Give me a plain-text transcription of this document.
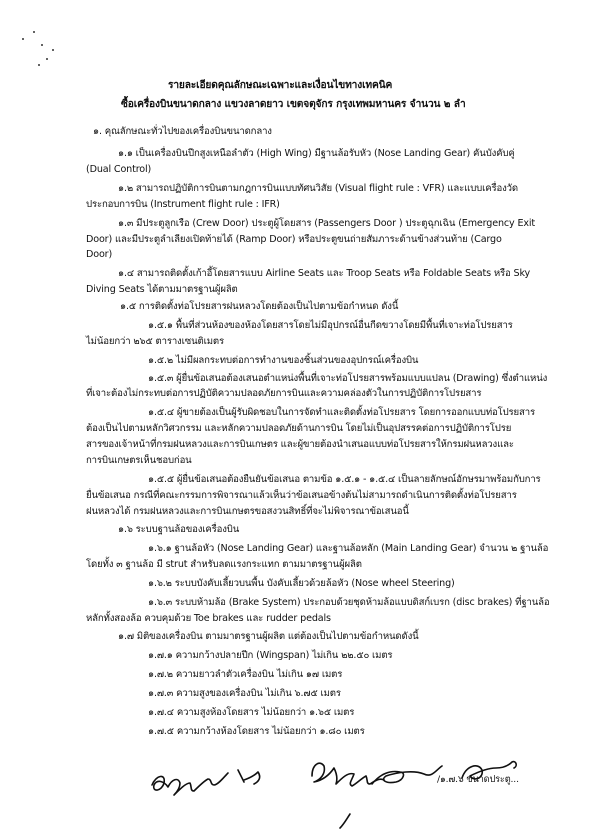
รายละเอียดคุณลักษณะเฉพาะและเงื่อนไขทางเทคนิค
ซื้อเครื่องบินขนาดกลาง แขวงลาดยาว เขตจตุจักร กรุงเทพมหานคร จำนวน ๒ ลำ
๑. คุณลักษณะทั่วไปของเครื่องบินขนาดกลาง
๑.๑ เป็นเครื่องบินปีกสูงเหนือลำตัว (High Wing) มีฐานล้อรับหัว (Nose Landing Gear) คันบังคับคู่
(Dual Control)
๑.๒ สามารถปฏิบัติการบินตามกฎการบินแบบทัศนวิสัย (Visual flight rule : VFR) และแบบเครื่องวัด
ประกอบการบิน (Instrument flight rule : IFR)
๑.๓ มีประตูลูกเรือ (Crew Door) ประตูผู้โดยสาร (Passengers Door ) ประตูฉุกเฉิน (Emergency Exit
Door) และมีประตูลำเลียงเปิดท้ายได้ (Ramp Door) หรือประตูขนถ่ายสัมภาระด้านข้างส่วนท้าย (Cargo
Door)
๑.๔ สามารถติดตั้งเก้าอี้โดยสารแบบ Airline Seats และ Troop Seats หรือ Foldable Seats หรือ Sky
Diving Seats ได้ตามมาตรฐานผู้ผลิต
๑.๕ การติดตั้งท่อโปรยสารฝนหลวงโดยต้องเป็นไปตามข้อกำหนด ดังนี้
๑.๕.๑ พื้นที่ส่วนห้องของห้องโดยสารโดยไม่มีอุปกรณ์อื่นกีดขวางโดยมีพื้นที่เจาะท่อโปรยสาร
ไม่น้อยกว่า ๒๖๕ ตารางเซนติเมตร
๑.๕.๒ ไม่มีผลกระทบต่อการทำงานของชิ้นส่วนของอุปกรณ์เครื่องบิน
๑.๕.๓ ผู้ยื่นข้อเสนอต้องเสนอตำแหน่งพื้นที่เจาะท่อโปรยสารพร้อมแบบแปลน (Drawing) ซึ่งตำแหน่ง
ที่เจาะต้องไม่กระทบต่อการปฏิบัติความปลอดภัยการบินและความคล่องตัวในการปฏิบัติการโปรยสาร
๑.๕.๔ ผู้ขายต้องเป็นผู้รับผิดชอบในการจัดทำและติดตั้งท่อโปรยสาร โดยการออกแบบท่อโปรยสาร
ต้องเป็นไปตามหลักวิศวกรรม และหลักความปลอดภัยด้านการบิน โดยไม่เป็นอุปสรรคต่อการปฏิบัติการโปรย
สารของเจ้าหน้าที่กรมฝนหลวงและการบินเกษตร และผู้ขายต้องนำเสนอแบบท่อโปรยสารให้กรมฝนหลวงและ
การบินเกษตรเห็นชอบก่อน
๑.๕.๕ ผู้ยื่นข้อเสนอต้องยืนยันข้อเสนอ ตามข้อ ๑.๕.๑ - ๑.๕.๔ เป็นลายลักษณ์อักษรมาพร้อมกับการ
ยื่นข้อเสนอ กรณีที่คณะกรรมการพิจารณาแล้วเห็นว่าข้อเสนอข้างต้นไม่สามารถดำเนินการติดตั้งท่อโปรยสาร
ฝนหลวงได้ กรมฝนหลวงและการบินเกษตรขอสงวนสิทธิ์ที่จะไม่พิจารณาข้อเสนอนี้
๑.๖ ระบบฐานล้อของเครื่องบิน
๑.๖.๑ ฐานล้อหัว (Nose Landing Gear) และฐานล้อหลัก (Main Landing Gear) จำนวน ๒ ฐานล้อ
โดยทั้ง ๓ ฐานล้อ มี strut สำหรับลดแรงกระแทก ตามมาตรฐานผู้ผลิต
๑.๖.๒ ระบบบังคับเลี้ยวบนพื้น บังคับเลี้ยวด้วยล้อหัว (Nose wheel Steering)
๑.๖.๓ ระบบห้ามล้อ (Brake System) ประกอบด้วยชุดห้ามล้อแบบดิสก์เบรก (disc brakes) ที่ฐานล้อ
หลักทั้งสองล้อ ควบคุมด้วย Toe brakes และ rudder pedals
๑.๗ มิติของเครื่องบิน ตามมาตรฐานผู้ผลิต แต่ต้องเป็นไปตามข้อกำหนดดังนี้
๑.๗.๑ ความกว้างปลายปีก (Wingspan) ไม่เกิน ๒๒.๕๐ เมตร
๑.๗.๒ ความยาวลำตัวเครื่องบิน ไม่เกิน ๑๗ เมตร
๑.๗.๓ ความสูงของเครื่องบิน ไม่เกิน ๖.๗๕ เมตร
๑.๗.๔ ความสูงห้องโดยสาร ไม่น้อยกว่า ๑.๖๕ เมตร
๑.๗.๕ ความกว้างห้องโดยสาร ไม่น้อยกว่า ๑.๘๐ เมตร
/๑.๗.๖ ขนาดประตู...
